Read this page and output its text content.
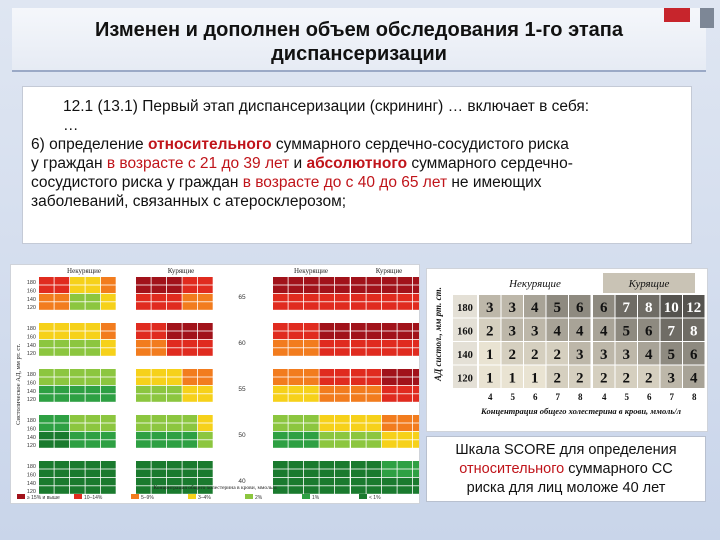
Изменен и дополнен объем обследования 1-го этапа
диспансеризации

12.1 (13.1) Первый этап диспансеризации (скрининг) … включает в себя:

…

6) определение относительного суммарного сердечно-сосудистого риска

у граждан в возрасте с 21 до 39 лет и абсолютного суммарного сердечно-

сосудистого риска у граждан в возрасте до с 40 до 65 лет не имеющих

заболеваний, связанных с атеросклерозом;

Некурящие	Курящие	Некурящие	Курящие
Систолическое АД, мм рт. ст.
180
160
140
120
65
180
160
140
120
60
180
160
140
120
55
180
160
140
120
50
180
160
140
120
40
Концентрация общего холестерина в крови, ммоль/л
≥ 15% и выше	10–14%	5–9%	3–4%	2%	1%	< 1%
Некурящие	Курящие
АД систол., мм рт. ст. 180 3 3 4 5 6 6 7 8 10 12
160 2 3 3 4 4 4 5 6 7 8
140 1 2 2 2 3 3 3 4 5 6
120 1 1 1 2 2 2 2 2 3 4
4 5 6 7 8 4 5 6 7 8
Концентрация общего холестерина в крови, ммоль/л
Шкала SCORE для определения
относительного суммарного СС
риска для лиц моложе 40 лет
